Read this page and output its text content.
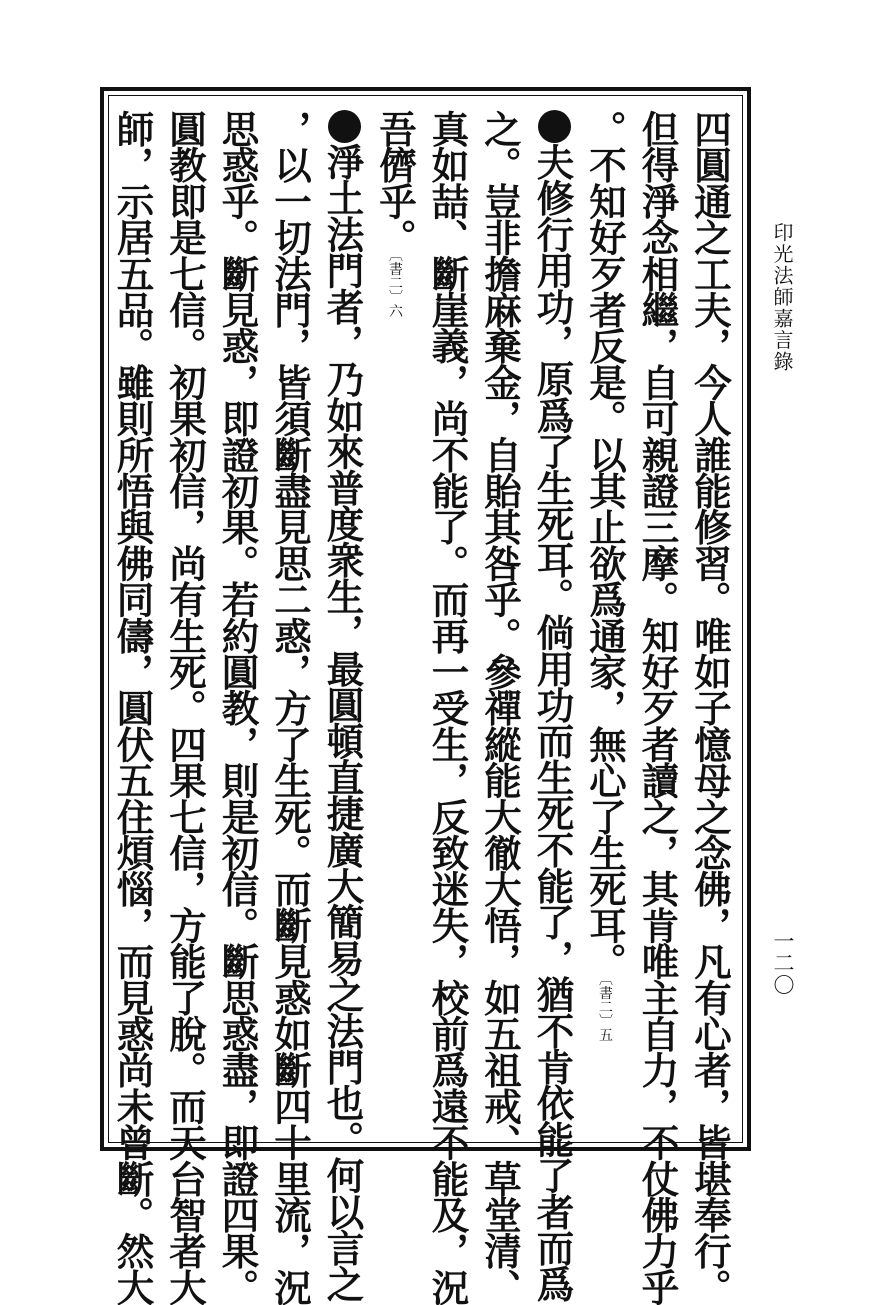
印光法師嘉言錄
一二〇
四圓通之工夫，今人誰能修習。唯如子憶母之念佛，凡有心者，皆堪奉行。
但得淨念相繼，自可親證三摩。知好歹者讀之，其肯唯主自力，不仗佛力乎
。不知好歹者反是。以其止欲爲通家，無心了生死耳。〔書二〕五
夫修行用功，原爲了生死耳。倘用功而生死不能了，猶不肯依能了者而爲
之。豈非擔麻棄金，自貽其咎乎。參禪縱能大徹大悟，如五祖戒、草堂清、
真如喆、斷崖義，尚不能了。而再一受生，反致迷失，校前爲遠不能及，況
吾儕乎。〔書二〕六
淨土法門者，乃如來普度衆生，最圓頓直捷廣大簡易之法門也。何以言之
，以一切法門，皆須斷盡見思二惑，方了生死。而斷見惑如斷四十里流，況
思惑乎。斷見惑，即證初果。若約圓教，則是初信。斷思惑盡，即證四果。
圓教即是七信。初果初信，尚有生死。四果七信，方能了脫。而天台智者大
師，示居五品。雖則所悟與佛同儔，圓伏五住煩惱，而見惑尚未曾斷。然大
